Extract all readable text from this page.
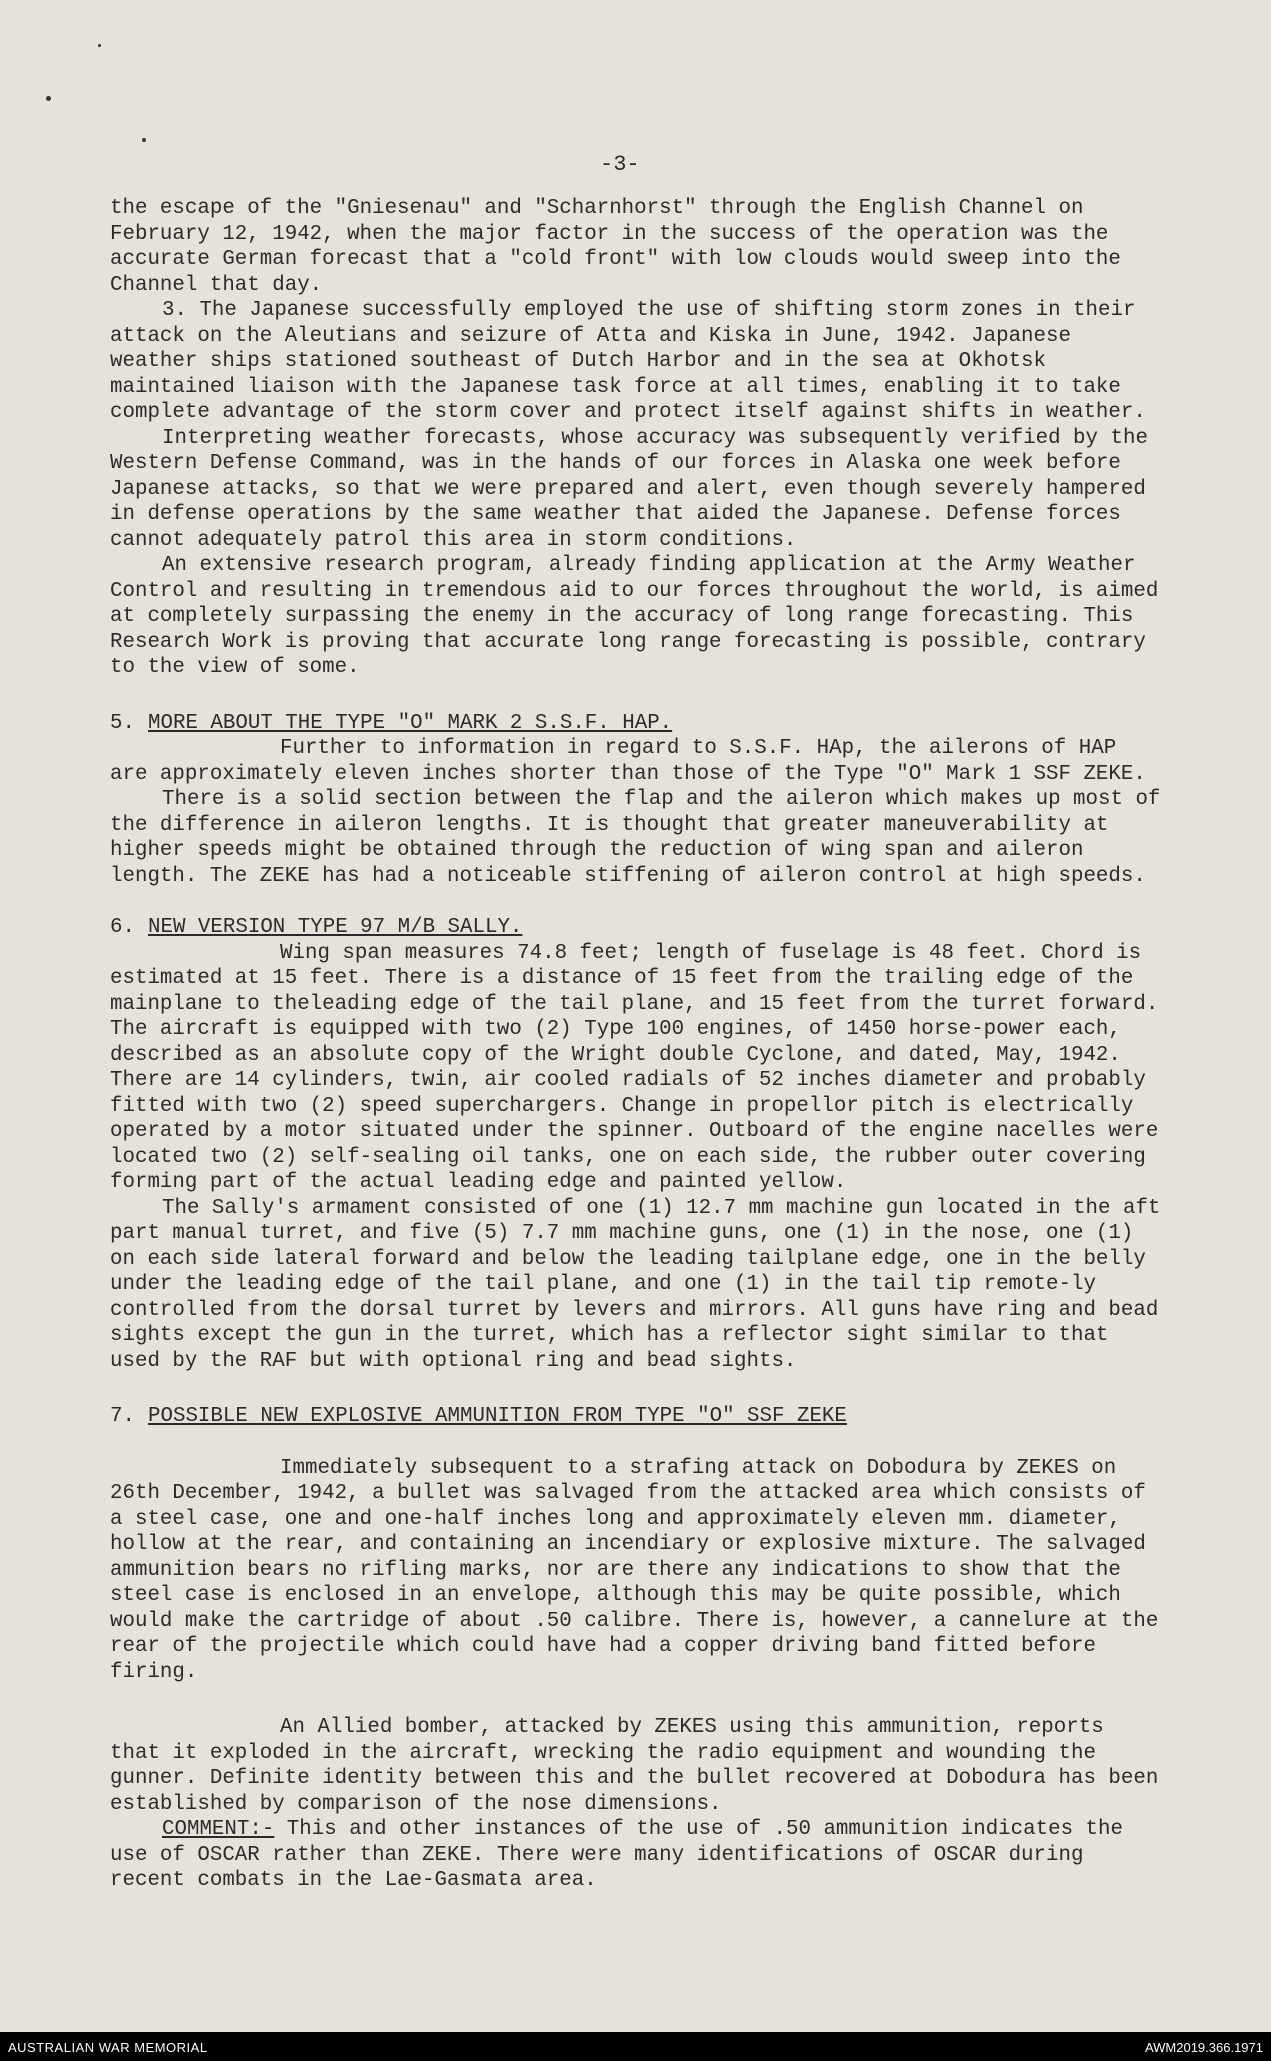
-3-

the escape of the "Gniesenau" and "Scharnhorst" through the English Channel on February 12, 1942, when the major factor in the success of the operation was the accurate German forecast that a "cold front" with low clouds would sweep into the Channel that day.

3. The Japanese successfully employed the use of shifting storm zones in their attack on the Aleutians and seizure of Atta and Kiska in June, 1942. Japanese weather ships stationed southeast of Dutch Harbor and in the sea at Okhotsk maintained liaison with the Japanese task force at all times, enabling it to take complete advantage of the storm cover and protect itself against shifts in weather.

Interpreting weather forecasts, whose accuracy was subsequently verified by the Western Defense Command, was in the hands of our forces in Alaska one week before Japanese attacks, so that we were prepared and alert, even though severely hampered in defense operations by the same weather that aided the Japanese. Defense forces cannot adequately patrol this area in storm conditions.

An extensive research program, already finding application at the Army Weather Control and resulting in tremendous aid to our forces throughout the world, is aimed at completely surpassing the enemy in the accuracy of long range forecasting. This Research Work is proving that accurate long range forecasting is possible, contrary to the view of some.

5. MORE ABOUT THE TYPE "O" MARK 2 S.S.F. HAP.

Further to information in regard to S.S.F. HAp, the ailerons of HAP are approximately eleven inches shorter than those of the Type "O" Mark 1 SSF ZEKE.

There is a solid section between the flap and the aileron which makes up most of the difference in aileron lengths. It is thought that greater maneuverability at higher speeds might be obtained through the reduction of wing span and aileron length. The ZEKE has had a noticeable stiffening of aileron control at high speeds.

6. NEW VERSION TYPE 97 M/B SALLY.

Wing span measures 74.8 feet; length of fuselage is 48 feet. Chord is estimated at 15 feet. There is a distance of 15 feet from the trailing edge of the mainplane to theleading edge of the tail plane, and 15 feet from the turret forward. The aircraft is equipped with two (2) Type 100 engines, of 1450 horse-power each, described as an absolute copy of the Wright double Cyclone, and dated, May, 1942. There are 14 cylinders, twin, air cooled radials of 52 inches diameter and probably fitted with two (2) speed superchargers. Change in propellor pitch is electrically operated by a motor situated under the spinner. Outboard of the engine nacelles were located two (2) self-sealing oil tanks, one on each side, the rubber outer covering forming part of the actual leading edge and painted yellow.

The Sally's armament consisted of one (1) 12.7 mm machine gun located in the aft part manual turret, and five (5) 7.7 mm machine guns, one (1) in the nose, one (1) on each side lateral forward and below the leading tailplane edge, one in the belly under the leading edge of the tail plane, and one (1) in the tail tip remote-ly controlled from the dorsal turret by levers and mirrors. All guns have ring and bead sights except the gun in the turret, which has a reflector sight similar to that used by the RAF but with optional ring and bead sights.

7. POSSIBLE NEW EXPLOSIVE AMMUNITION FROM TYPE "O" SSF ZEKE

Immediately subsequent to a strafing attack on Dobodura by ZEKES on 26th December, 1942, a bullet was salvaged from the attacked area which consists of a steel case, one and one-half inches long and approximately eleven mm. diameter, hollow at the rear, and containing an incendiary or explosive mixture. The salvaged ammunition bears no rifling marks, nor are there any indications to show that the steel case is enclosed in an envelope, although this may be quite possible, which would make the cartridge of about .50 calibre. There is, however, a cannelure at the rear of the projectile which could have had a copper driving band fitted before firing.

An Allied bomber, attacked by ZEKES using this ammunition, reports that it exploded in the aircraft, wrecking the radio equipment and wounding the gunner. Definite identity between this and the bullet recovered at Dobodura has been established by comparison of the nose dimensions.

COMMENT:- This and other instances of the use of .50 ammunition indicates the use of OSCAR rather than ZEKE. There were many identifications of OSCAR during recent combats in the Lae-Gasmata area.

AUSTRALIAN WAR MEMORIAL	AWM2019.366.1971
